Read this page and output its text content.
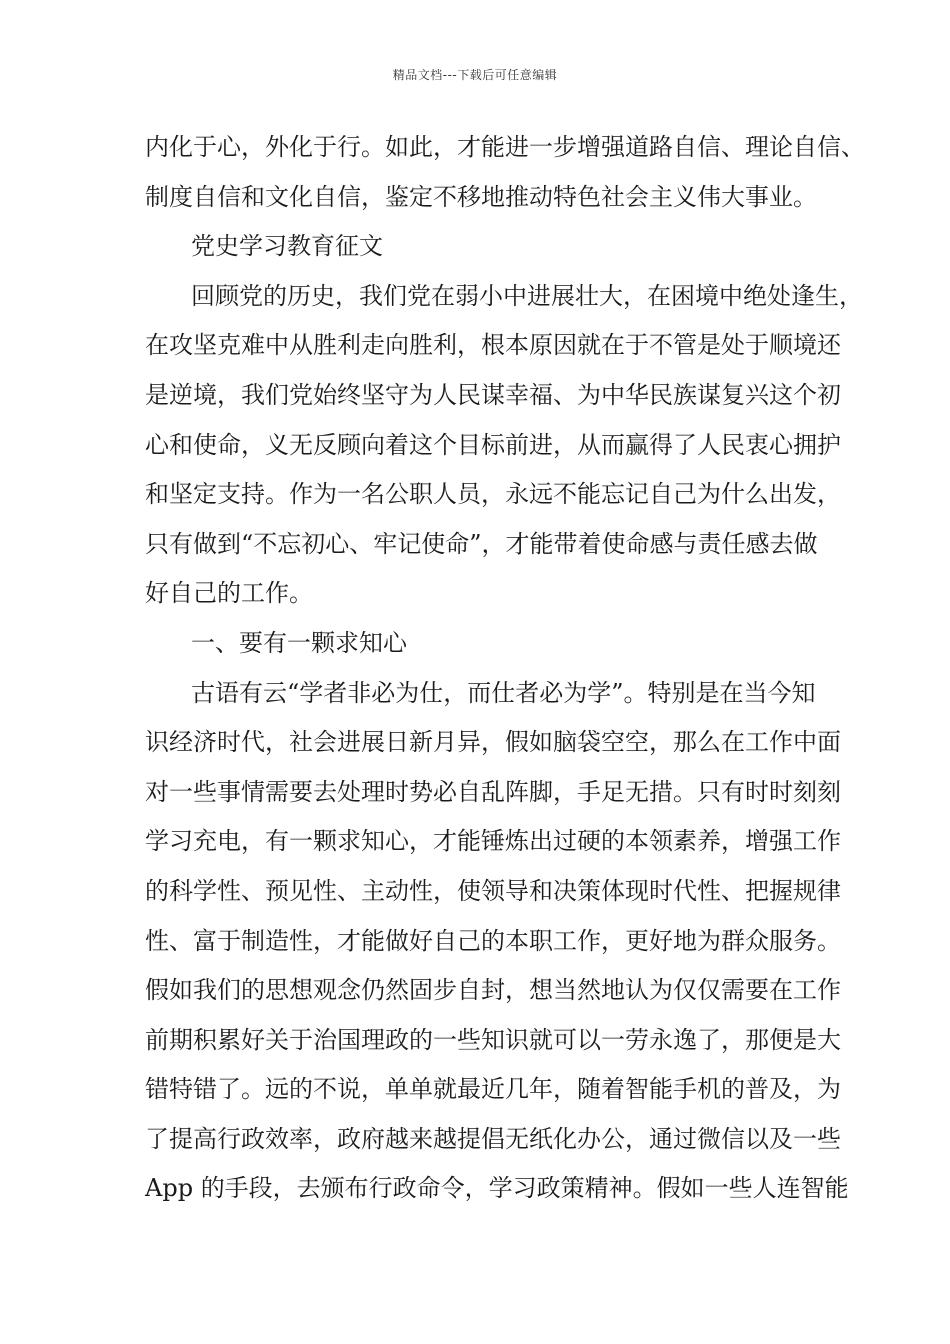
精品文档---下载后可任意编辑
内化于心，外化于行。如此，才能进一步增强道路自信、理论自信、
制度自信和文化自信，鉴定不移地推动特色社会主义伟大事业。
党史学习教育征文
回顾党的历史，我们党在弱小中进展壮大，在困境中绝处逢生，
在攻坚克难中从胜利走向胜利，根本原因就在于不管是处于顺境还
是逆境，我们党始终坚守为人民谋幸福、为中华民族谋复兴这个初
心和使命，义无反顾向着这个目标前进，从而赢得了人民衷心拥护
和坚定支持。作为一名公职人员，永远不能忘记自己为什么出发，
只有做到“不忘初心、牢记使命”，才能带着使命感与责任感去做
好自己的工作。
一、要有一颗求知心
古语有云“学者非必为仕，而仕者必为学”。特别是在当今知
识经济时代，社会进展日新月异，假如脑袋空空，那么在工作中面
对一些事情需要去处理时势必自乱阵脚，手足无措。只有时时刻刻
学习充电，有一颗求知心，才能锤炼出过硬的本领素养，增强工作
的科学性、预见性、主动性，使领导和决策体现时代性、把握规律
性、富于制造性，才能做好自己的本职工作，更好地为群众服务。
假如我们的思想观念仍然固步自封，想当然地认为仅仅需要在工作
前期积累好关于治国理政的一些知识就可以一劳永逸了，那便是大
错特错了。远的不说，单单就最近几年，随着智能手机的普及，为
了提高行政效率，政府越来越提倡无纸化办公，通过微信以及一些
App 的手段，去颁布行政命令，学习政策精神。假如一些人连智能
